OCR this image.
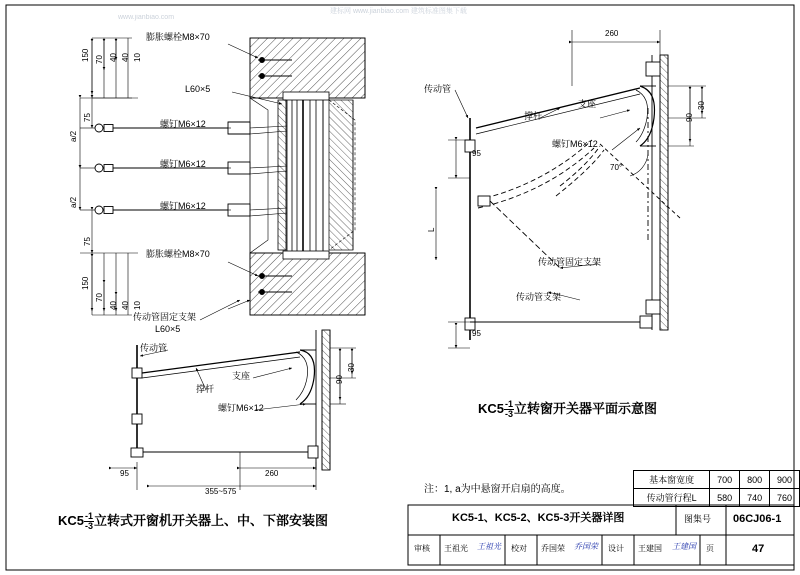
建标网 www.jianbiao.com 建筑标准图集下载
www.jianbiao.com
膨胀螺栓M8×70
L60×5
螺钉M6×12
螺钉M6×12
螺钉M6×12
膨胀螺栓M8×70
传动管固定支架
L60×5
150 70 40 40 10
75
a/2
a/2
75
150
70
40 40 10
传动管
撑杆
支座
螺钉M6×12
95	260
355~575
90
30
$KC5 \frac{-1}{-3}$ 立转式开窗机开关器上、中、下部安装图
传动管
撑杆
支座
螺钉M6×12
传动管固定支架
传动管支架
70°
L
260
90
30
95
95
$KC5 \frac{-1}{-3}$ 立转窗开关器平面示意图
注：1, a为中悬窗开启扇的高度。
基本窗宽度	700	800	900
传动管行程L	580	740	760
KC5-1、KC5-2、KC5-3开关器详图	图集号 06CJ06-1
审核 王祖光 王祖光 校对 乔国荣 乔国荣 设计 王建国 王建国 页	47
